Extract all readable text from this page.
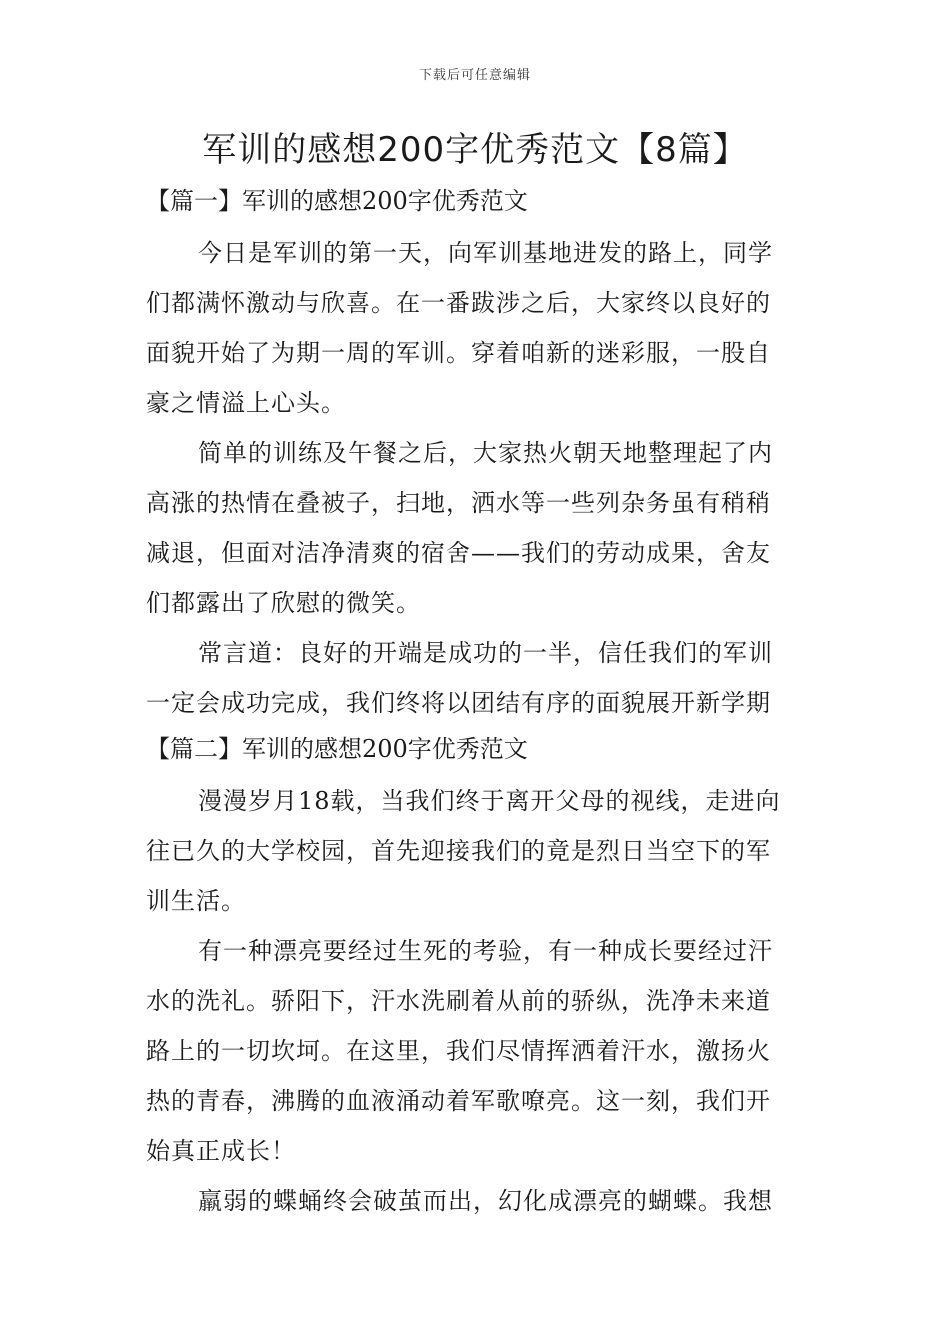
下载后可任意编辑
军训的感想200字优秀范文【8篇】
【篇一】军训的感想200字优秀范文

今日是军训的第一天，向军训基地进发的路上，同学
们都满怀激动与欣喜。在一番跋涉之后，大家终以良好的
面貌开始了为期一周的军训。穿着咱新的迷彩服，一股自
豪之情溢上心头。

简单的训练及午餐之后，大家热火朝天地整理起了内
高涨的热情在叠被子，扫地，洒水等一些列杂务虽有稍稍
减退，但面对洁净清爽的宿舍——我们的劳动成果，舍友
们都露出了欣慰的微笑。

常言道：良好的开端是成功的一半，信任我们的军训
一定会成功完成，我们终将以团结有序的面貌展开新学期

【篇二】军训的感想200字优秀范文

漫漫岁月18载，当我们终于离开父母的视线，走进向
往已久的大学校园，首先迎接我们的竟是烈日当空下的军
训生活。

有一种漂亮要经过生死的考验，有一种成长要经过汗
水的洗礼。骄阳下，汗水洗刷着从前的骄纵，洗净未来道
路上的一切坎坷。在这里，我们尽情挥洒着汗水，激扬火
热的青春，沸腾的血液涌动着军歌嘹亮。这一刻，我们开
始真正成长！

羸弱的蝶蛹终会破茧而出，幻化成漂亮的蝴蝶。我想
